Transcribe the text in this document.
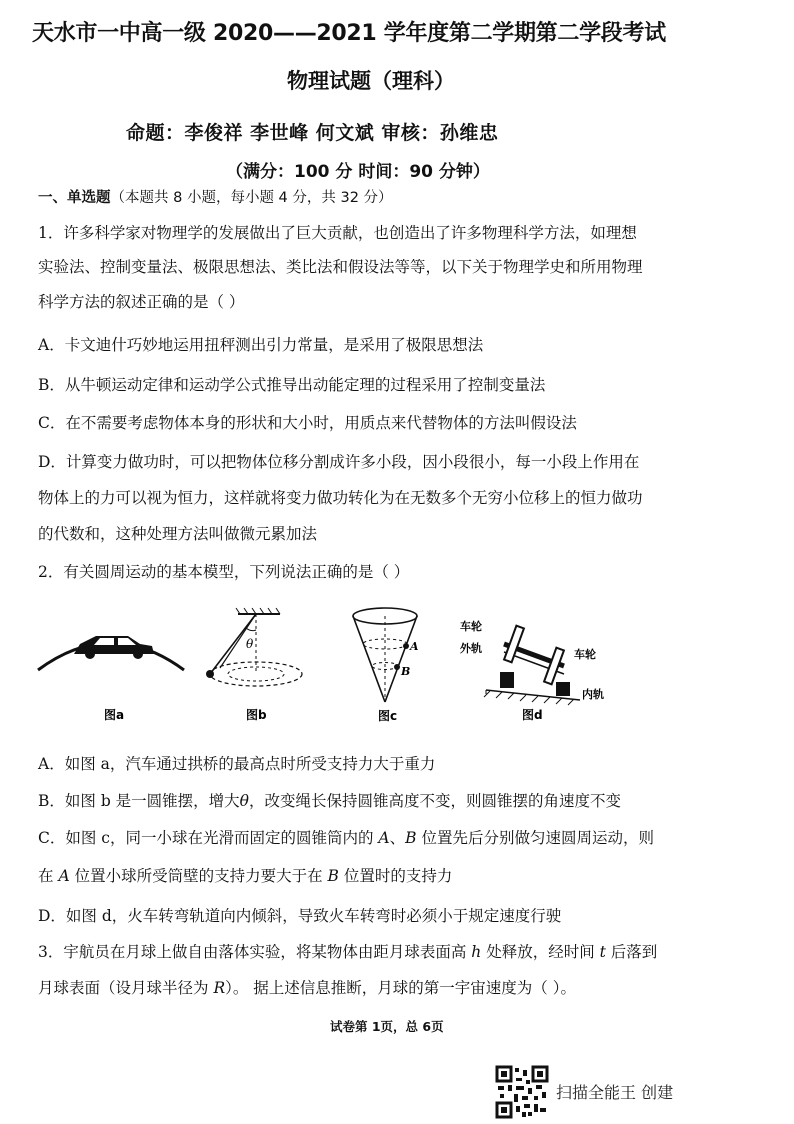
天水市一中高一级 2020——2021 学年度第二学期第二学段考试
物理试题（理科）
命题：李俊祥 李世峰 何文斌 审核：孙维忠
（满分：100 分 时间：90 分钟）
一、单选题（本题共 8 小题，每小题 4 分，共 32 分）
1．许多科学家对物理学的发展做出了巨大贡献，也创造出了许多物理科学方法，如理想
实验法、控制变量法、极限思想法、类比法和假设法等等，以下关于物理学史和所用物理
科学方法的叙述正确的是（ ）
A．卡文迪什巧妙地运用扭秤测出引力常量，是采用了极限思想法
B．从牛顿运动定律和运动学公式推导出动能定理的过程采用了控制变量法
C．在不需要考虑物体本身的形状和大小时，用质点来代替物体的方法叫假设法
D．计算变力做功时，可以把物体位移分割成许多小段，因小段很小，每一小段上作用在
物体上的力可以视为恒力，这样就将变力做功转化为在无数多个无穷小位移上的恒力做功
的代数和，这种处理方法叫做微元累加法
2．有关圆周运动的基本模型，下列说法正确的是（ ）
图a
θ
图b
A
B
图c
车轮
外轨	车轮
内轨
图d
A．如图 a，汽车通过拱桥的最高点时所受支持力大于重力
B．如图 b 是一圆锥摆，增大θ，改变绳长保持圆锥高度不变，则圆锥摆的角速度不变
C．如图 c，同一小球在光滑而固定的圆锥筒内的 A、B 位置先后分别做匀速圆周运动，则
在 A 位置小球所受筒壁的支持力要大于在 B 位置时的支持力
D．如图 d，火车转弯轨道向内倾斜，导致火车转弯时必须小于规定速度行驶
3．宇航员在月球上做自由落体实验，将某物体由距月球表面高 h 处释放，经时间 t 后落到
月球表面（设月球半径为 R）。 据上述信息推断，月球的第一宇宙速度为（ ）。
试卷第 1页，总 6页
扫描全能王 创建
